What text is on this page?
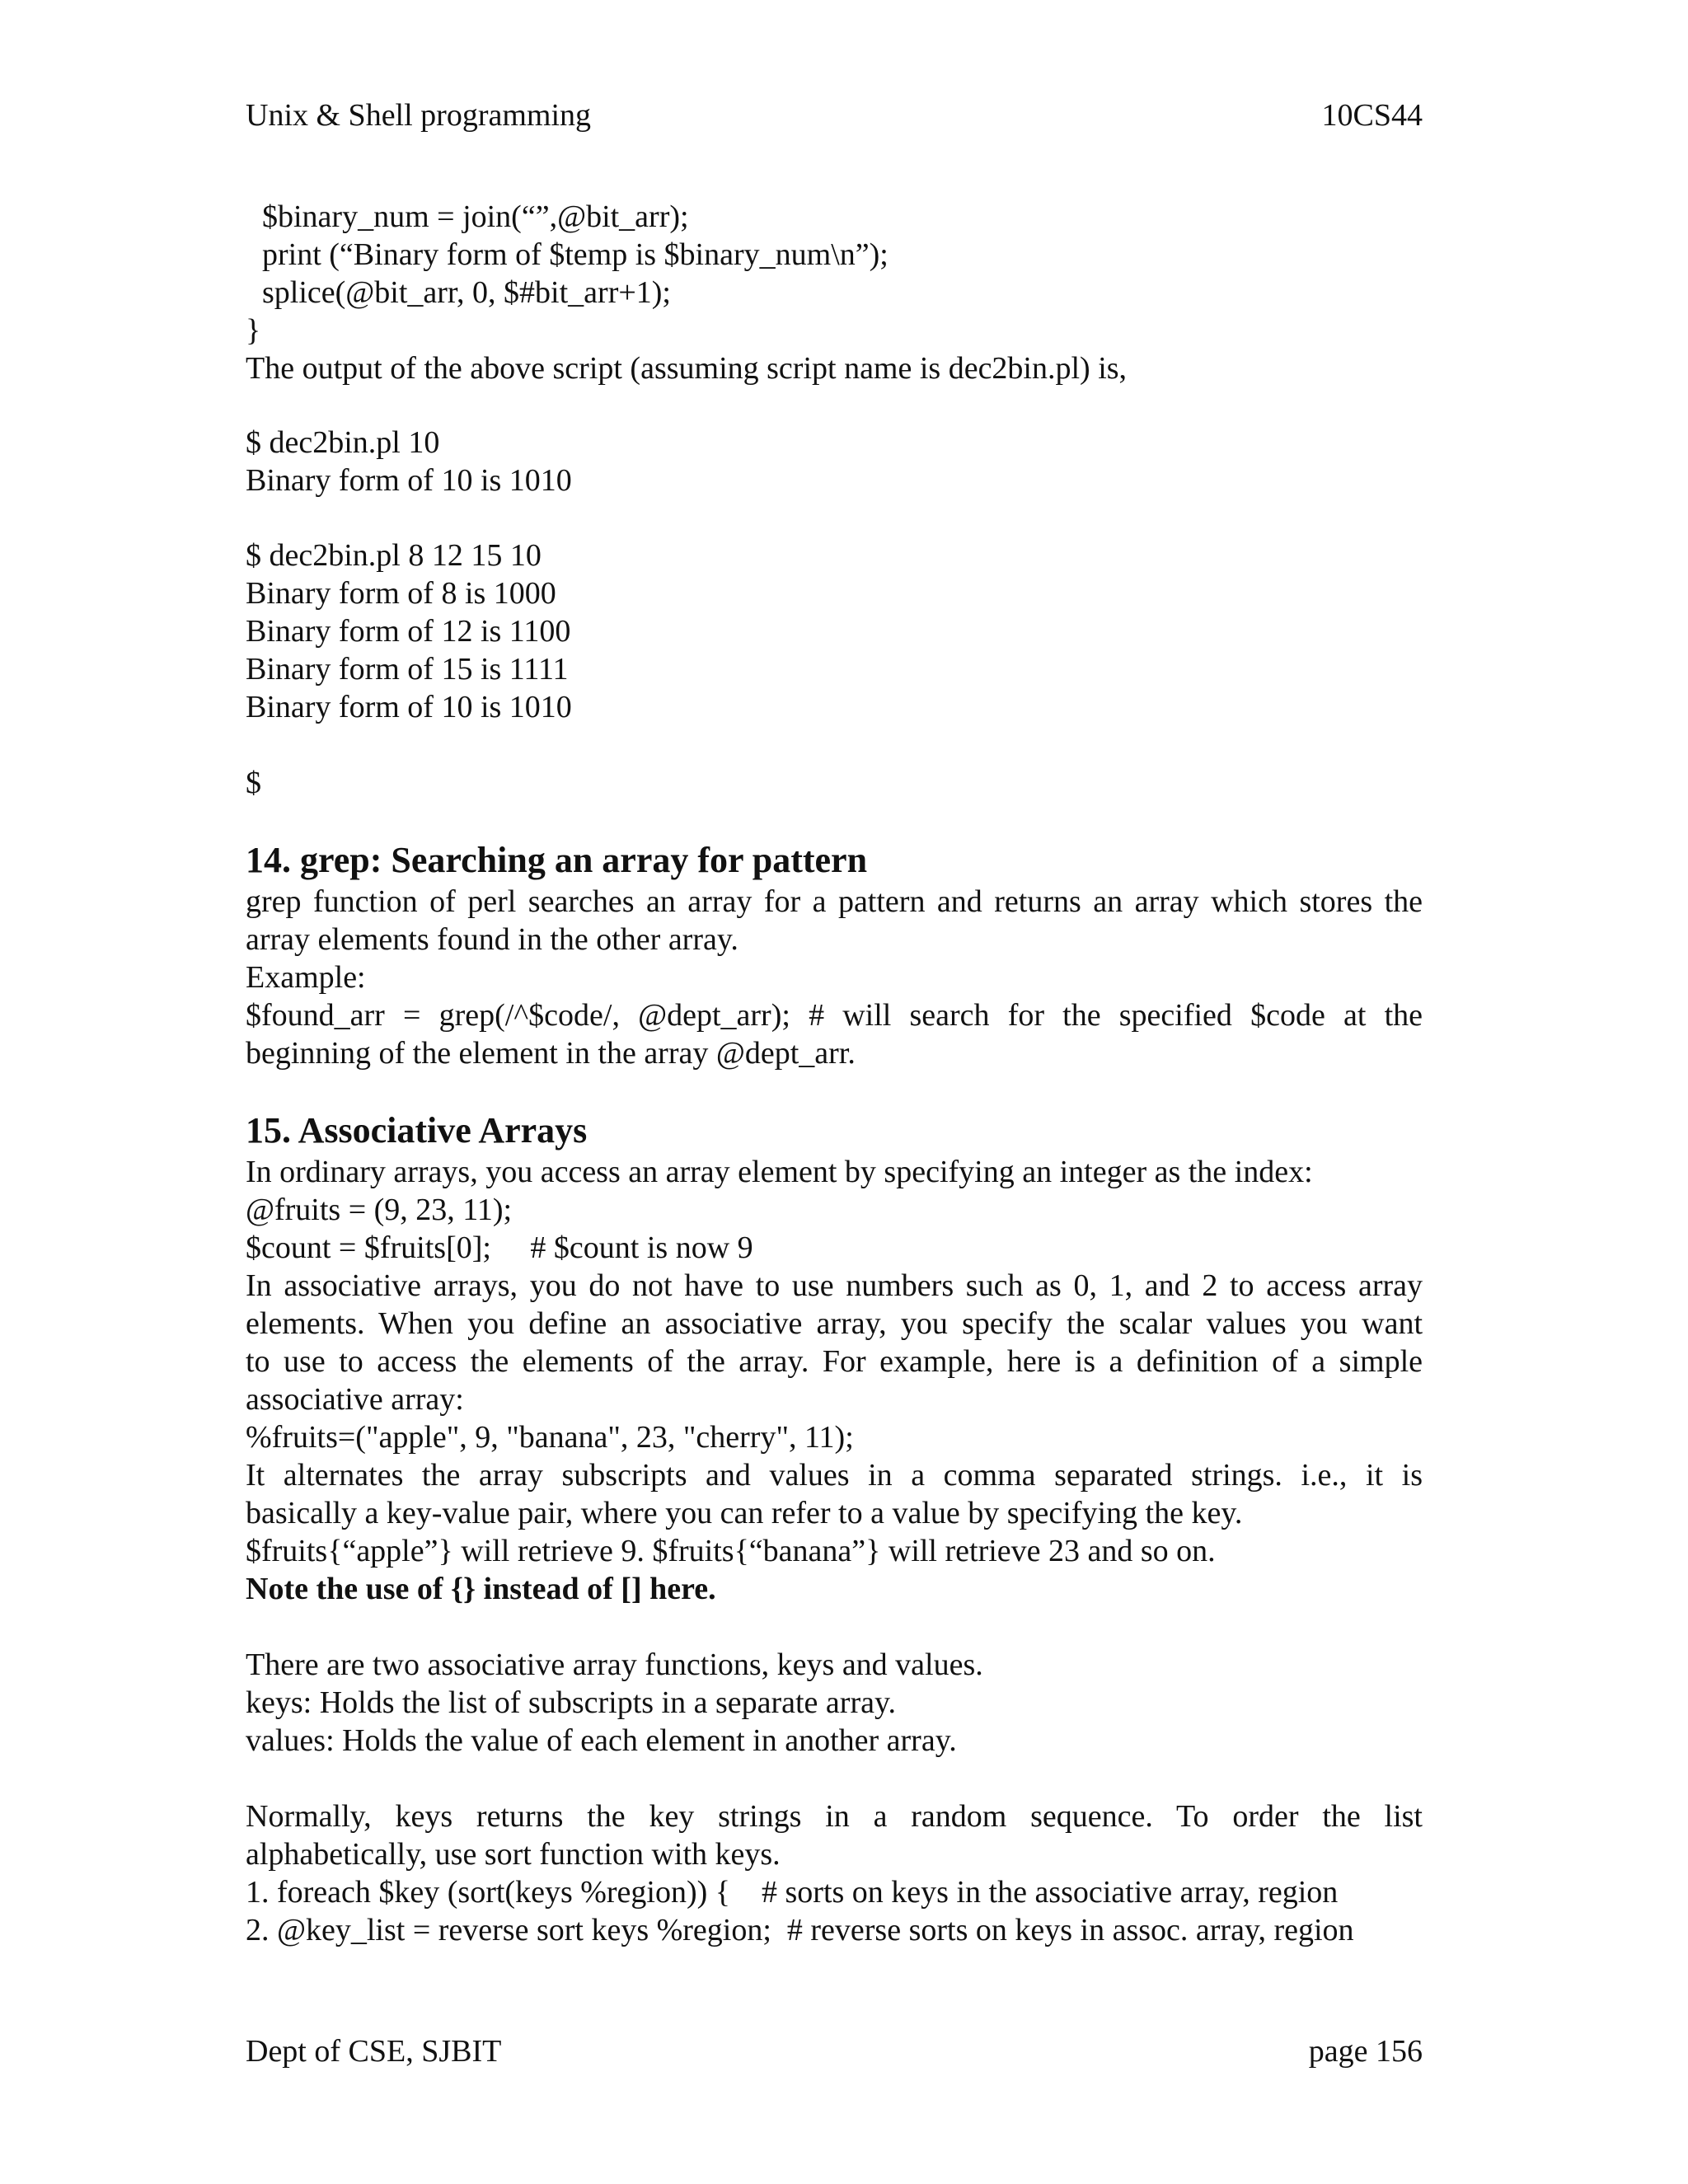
Unix & Shell programming	10CS44
$binary_num = join(“”,@bit_arr);
print (“Binary form of $temp is $binary_num\n”);
splice(@bit_arr, 0, $#bit_arr+1);
}
The output of the above script (assuming script name is dec2bin.pl) is,
$ dec2bin.pl 10
Binary form of 10 is 1010
$ dec2bin.pl 8 12 15 10
Binary form of 8 is 1000
Binary form of 12 is 1100
Binary form of 15 is 1111
Binary form of 10 is 1010
$
14. grep: Searching an array for pattern
grep function of perl searches an array for a pattern and returns an array which stores the
array elements found in the other array.
Example:
$found_arr = grep(/^$code/, @dept_arr); # will search for the specified $code at the
beginning of the element in the array @dept_arr.
15. Associative Arrays
In ordinary arrays, you access an array element by specifying an integer as the index:
@fruits = (9, 23, 11);
$count = $fruits[0];     # $count is now 9
In associative arrays, you do not have to use numbers such as 0, 1, and 2 to access array
elements. When you define an associative array, you specify the scalar values you want
to use to access the elements of the array. For example, here is a definition of a simple
associative array:
%fruits=("apple", 9, "banana", 23, "cherry", 11);
It alternates the array subscripts and values in a comma separated strings. i.e., it is
basically a key-value pair, where you can refer to a value by specifying the key.
$fruits{“apple”} will retrieve 9. $fruits{“banana”} will retrieve 23 and so on.
Note the use of {} instead of [] here.
There are two associative array functions, keys and values.
keys: Holds the list of subscripts in a separate array.
values: Holds the value of each element in another array.
Normally, keys returns the key strings in a random sequence. To order the list
alphabetically, use sort function with keys.
1. foreach $key (sort(keys %region)) {    # sorts on keys in the associative array, region
2. @key_list = reverse sort keys %region;  # reverse sorts on keys in assoc. array, region
Dept of CSE, SJBIT	page 156
